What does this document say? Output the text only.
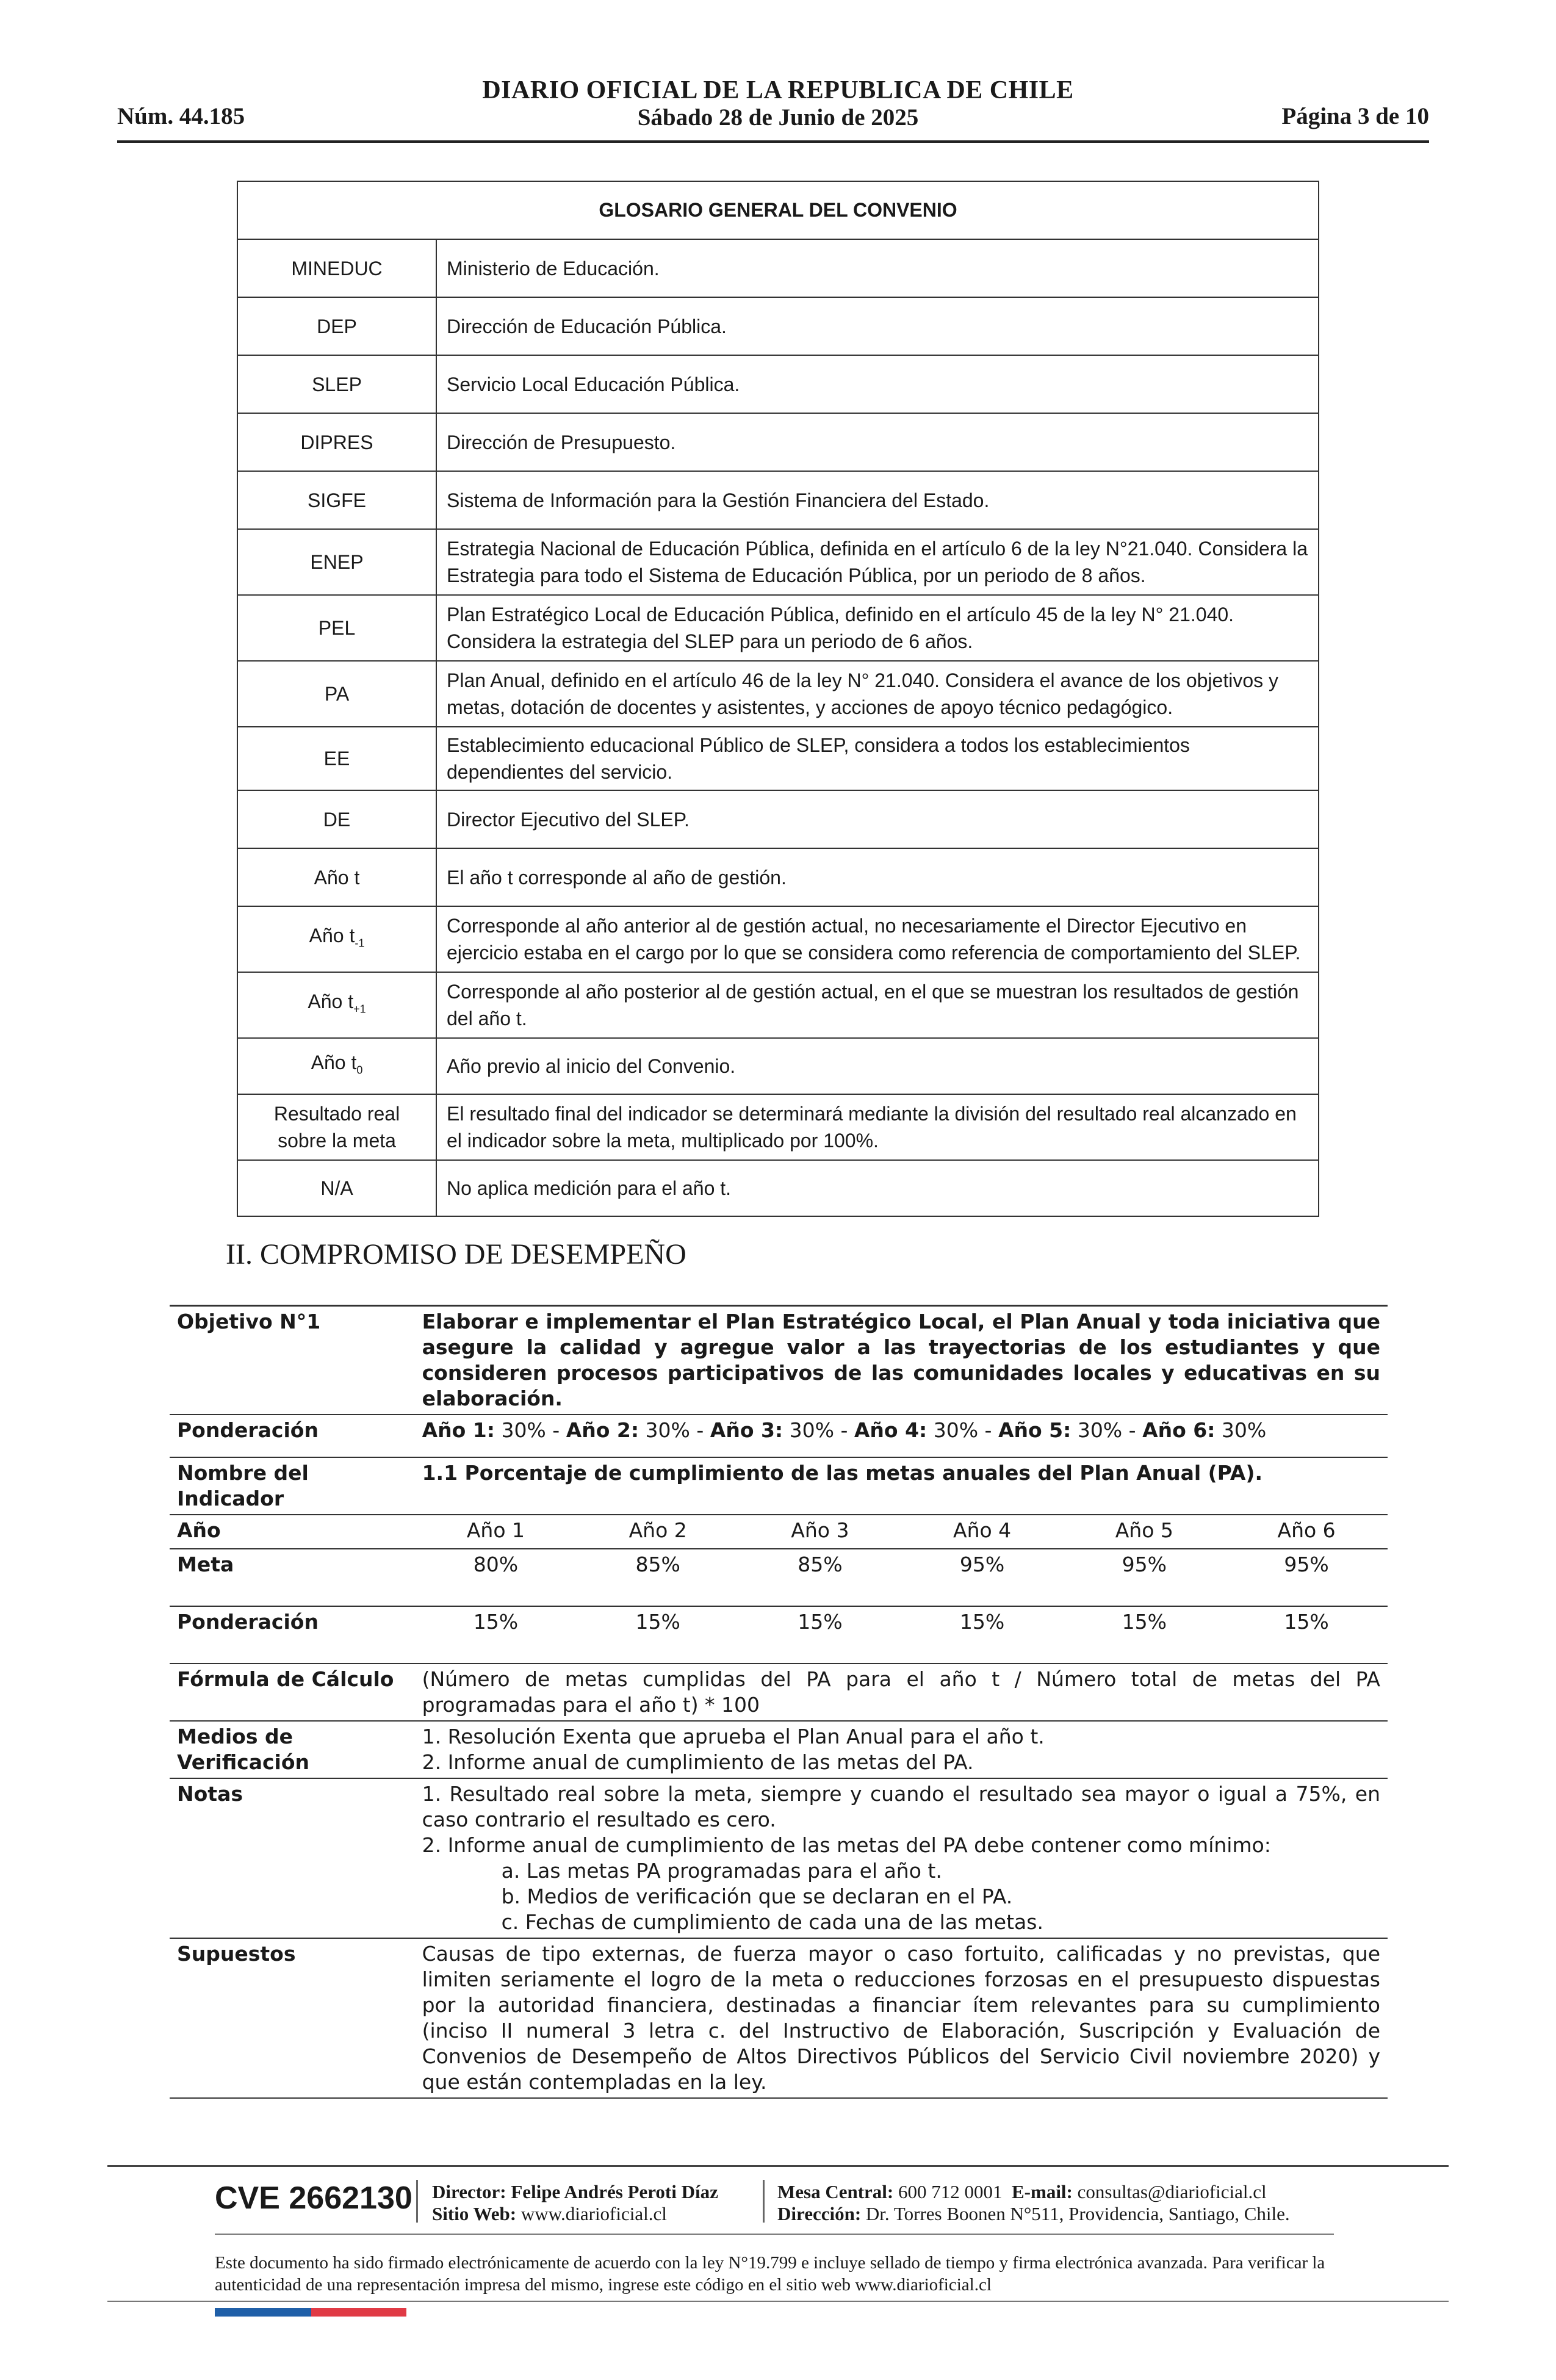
Núm. 44.185
DIARIO OFICIAL DE LA REPUBLICA DE CHILE
Sábado 28 de Junio de 2025	Página 3 de 10
GLOSARIO GENERAL DEL CONVENIO	
MINEDUC	Ministerio de Educación.
DEP	Dirección de Educación Pública.
SLEP	Servicio Local Educación Pública.
DIPRES	Dirección de Presupuesto.
SIGFE	Sistema de Información para la Gestión Financiera del Estado.
ENEP	Estrategia Nacional de Educación Pública, definida en el artículo 6 de la ley N°21.040. Considera la Estrategia para todo el Sistema de Educación Pública, por un periodo de 8 años.
PEL	Plan Estratégico Local de Educación Pública, definido en el artículo 45 de la ley N° 21.040. Considera la estrategia del SLEP para un periodo de 6 años.
PA	Plan Anual, definido en el artículo 46 de la ley N° 21.040. Considera el avance de los objetivos y metas, dotación de docentes y asistentes, y acciones de apoyo técnico pedagógico.
EE	Establecimiento educacional Público de SLEP, considera a todos los establecimientos dependientes del servicio.
DE	Director Ejecutivo del SLEP.
Año t	El año t corresponde al año de gestión.
Año $t_{-1}$	Corresponde al año anterior al de gestión actual, no necesariamente el Director Ejecutivo en ejercicio estaba en el cargo por lo que se considera como referencia de comportamiento del SLEP.
Año $t_{+1}$	Corresponde al año posterior al de gestión actual, en el que se muestran los resultados de gestión del año t.
Año $t_0$	Año previo al inicio del Convenio.
Resultado real sobre la meta	El resultado final del indicador se determinará mediante la división del resultado real alcanzado en el indicador sobre la meta, multiplicado por 100%.
N/A	No aplica medición para el año t.
II. COMPROMISO DE DESEMPEÑO
Objetivo N°1	Elaborar e implementar el Plan Estratégico Local, el Plan Anual y toda iniciativa que asegure la calidad y agregue valor a las trayectorias de los estudiantes y que consideren procesos participativos de las comunidades locales y educativas en su elaboración.					
Ponderación	Año 1: 30% - Año 2: 30% - Año 3: 30% - Año 4: 30% - Año 5: 30% - Año 6: 30%					
Nombre del Indicador	1.1 Porcentaje de cumplimiento de las metas anuales del Plan Anual (PA).					
Año	Año 1	Año 2	Año 3	Año 4	Año 5	Año 6
Meta	80%	85%	85%	95%	95%	95%
Ponderación	15%	15%	15%	15%	15%	15%
Fórmula de Cálculo	(Número de metas cumplidas del PA para el año t / Número total de metas del PA programadas para el año t) * 100					
Medios de Verificación	1. Resolución Exenta que aprueba el Plan Anual para el año t.
2. Informe anual de cumplimiento de las metas del PA.					

Notas	1. Resultado real sobre la meta, siempre y cuando el resultado sea mayor o igual a 75%, en caso contrario el resultado es cero.
2. Informe anual de cumplimiento de las metas del PA debe contener como mínimo:
a. Las metas PA programadas para el año t.
b. Medios de verificación que se declaran en el PA.
c. Fechas de cumplimiento de cada una de las metas.					

Supuestos	Causas de tipo externas, de fuerza mayor o caso fortuito, calificadas y no previstas, que limiten seriamente el logro de la meta o reducciones forzosas en el presupuesto dispuestas por la autoridad financiera, destinadas a financiar ítem relevantes para su cumplimiento (inciso II numeral 3 letra c. del Instructivo de Elaboración, Suscripción y Evaluación de Convenios de Desempeño de Altos Directivos Públicos del Servicio Civil noviembre 2020) y que están contempladas en la ley.					
CVE 2662130 Director: Felipe Andrés Peroti Díaz
Sitio Web: www.diarioficial.cl
Mesa Central: 600 712 0001 E-mail: consultas@diarioficial.cl
Dirección: Dr. Torres Boonen N°511, Providencia, Santiago, Chile.
Este documento ha sido firmado electrónicamente de acuerdo con la ley N°19.799 e incluye sellado de tiempo y firma electrónica avanzada. Para verificar la autenticidad de una representación impresa del mismo, ingrese este código en el sitio web www.diarioficial.cl
